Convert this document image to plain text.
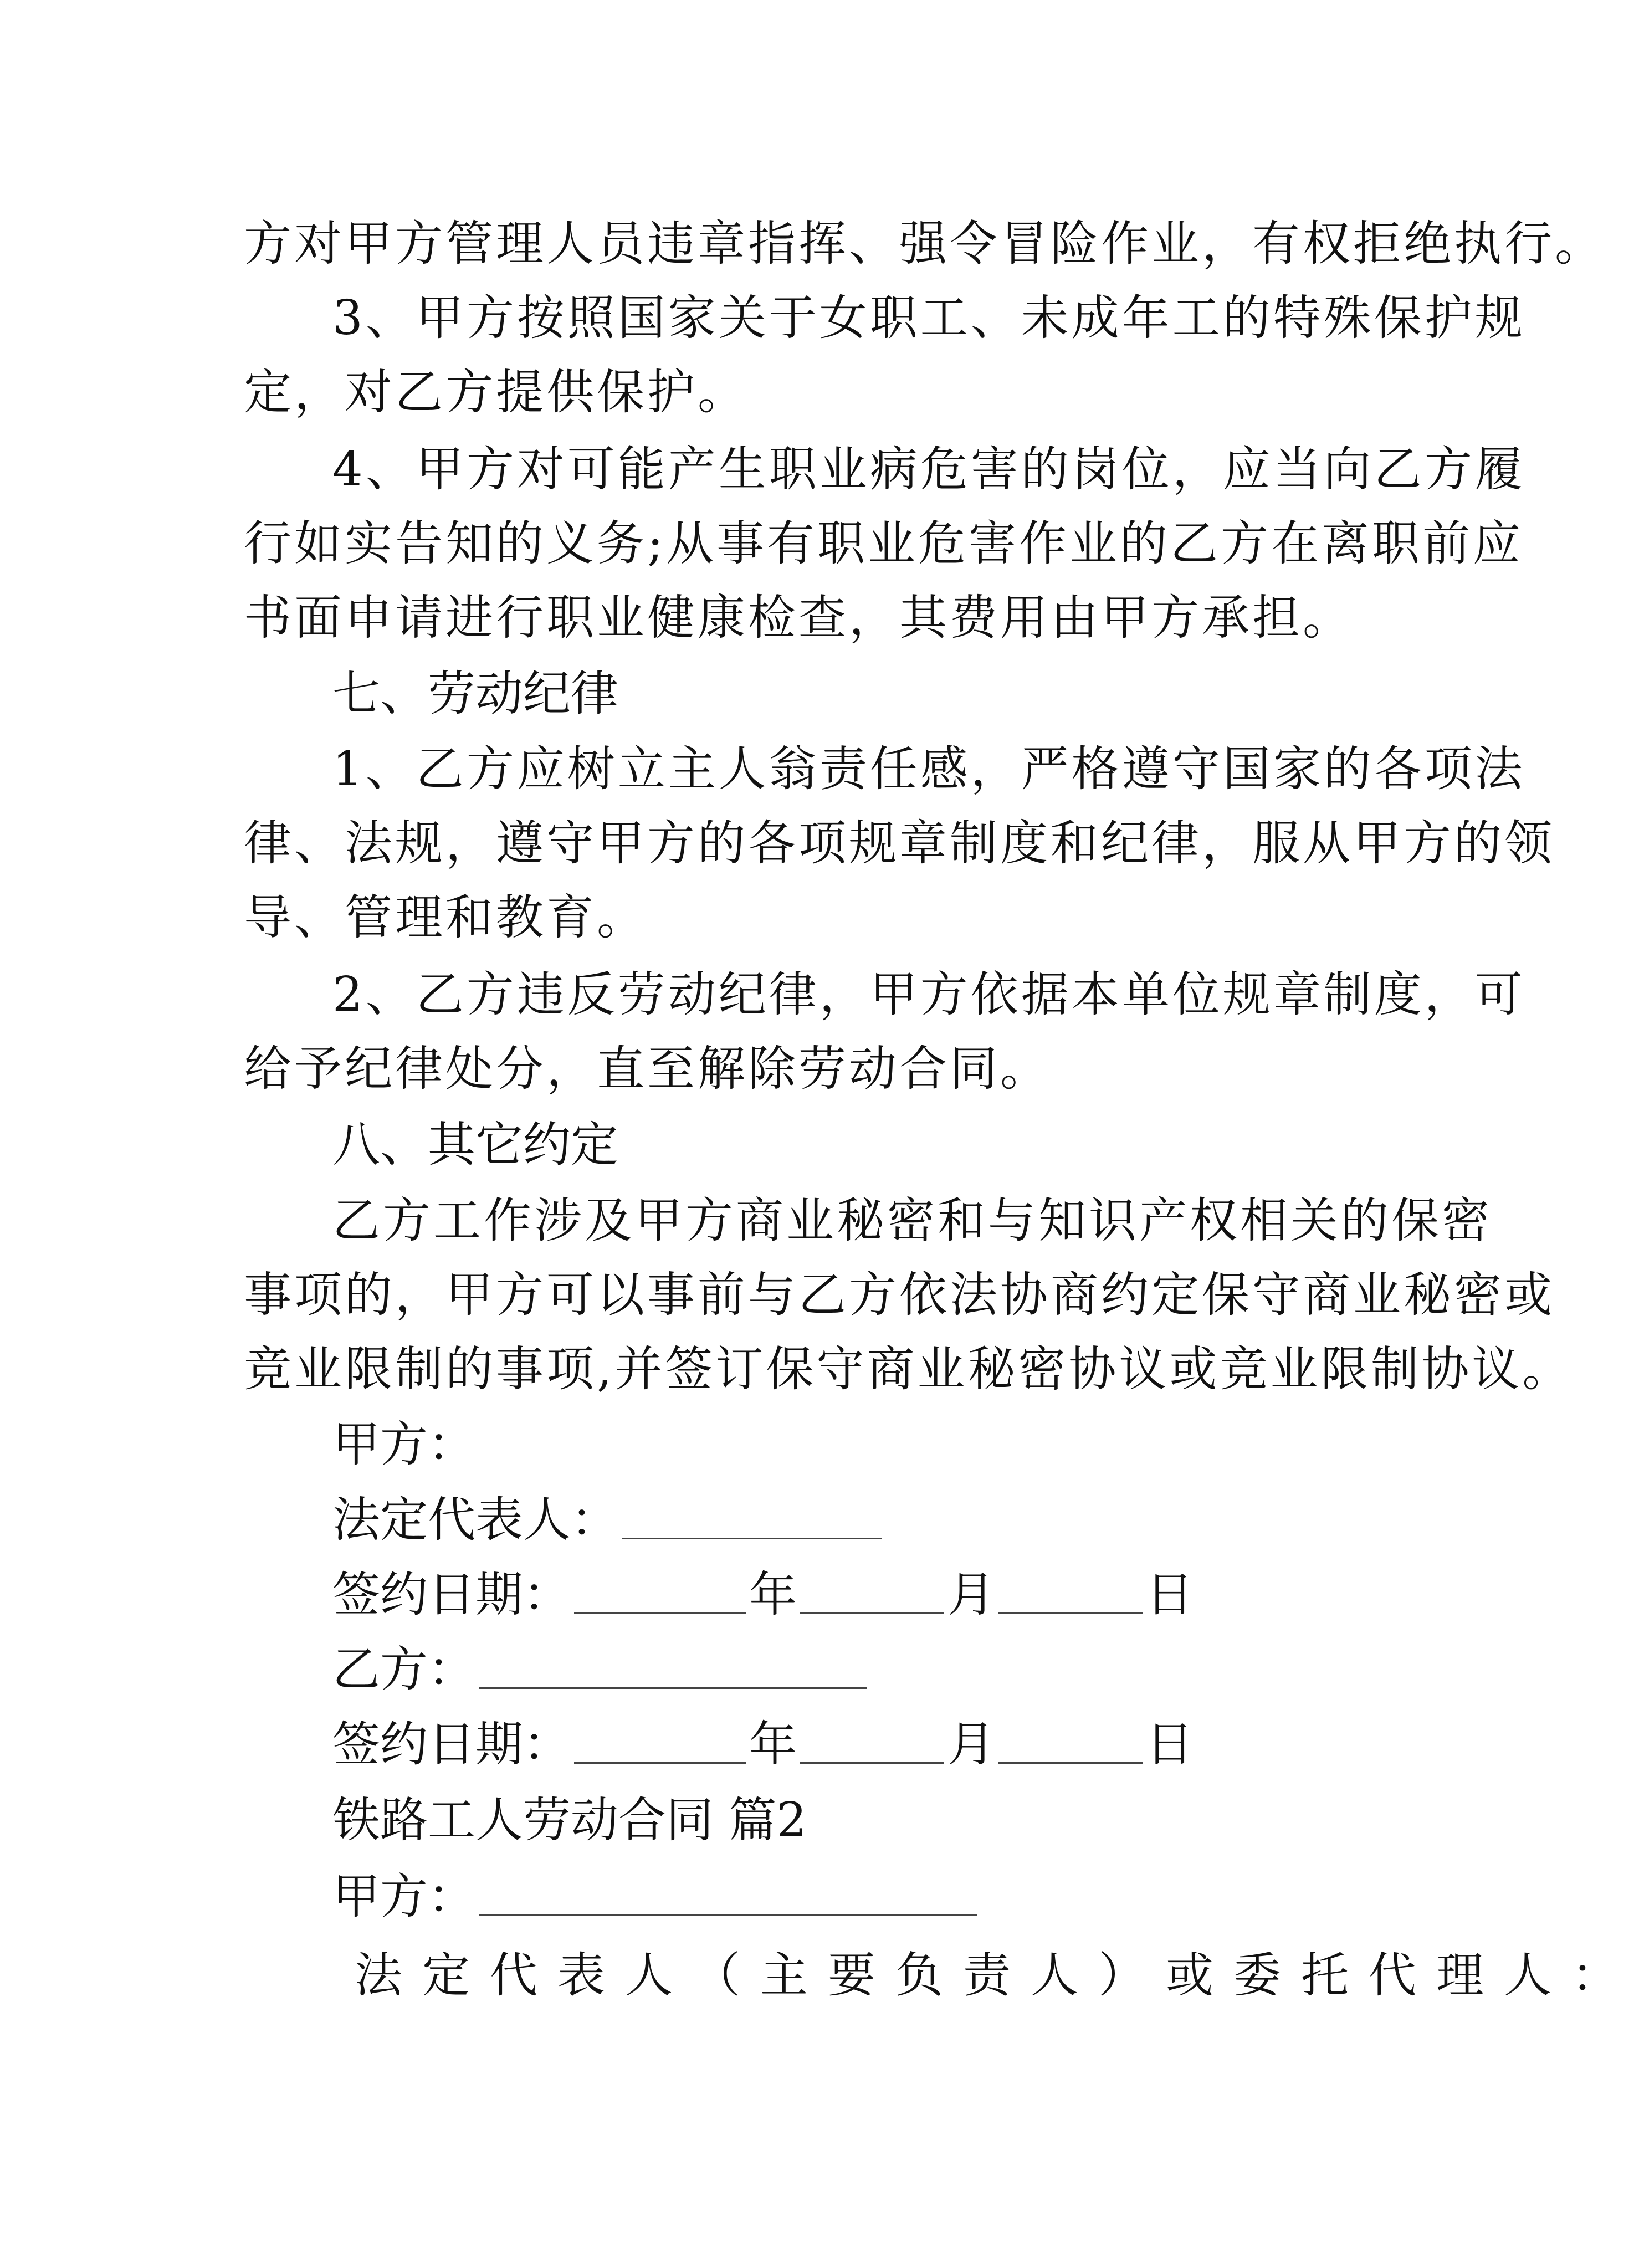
方对甲方管理人员违章指挥、强令冒险作业，有权拒绝执行。
3、甲方按照国家关于女职工、未成年工的特殊保护规
定，对乙方提供保护。
4、甲方对可能产生职业病危害的岗位，应当向乙方履
行如实告知的义务;从事有职业危害作业的乙方在离职前应
书面申请进行职业健康检查，其费用由甲方承担。
七、劳动纪律
1、乙方应树立主人翁责任感，严格遵守国家的各项法
律、法规，遵守甲方的各项规章制度和纪律，服从甲方的领
导、管理和教育。
2、乙方违反劳动纪律，甲方依据本单位规章制度，可
给予纪律处分，直至解除劳动合同。
八、其它约定
乙方工作涉及甲方商业秘密和与知识产权相关的保密
事项的，甲方可以事前与乙方依法协商约定保守商业秘密或
竞业限制的事项,并签订保守商业秘密协议或竞业限制协议。
甲方：
法定代表人：
签约日期：	年	月	日
乙方：
签约日期：	年	月	日
铁路工人劳动合同 篇2
甲方：
法定代表人（主要负责人）或委托代理人：
